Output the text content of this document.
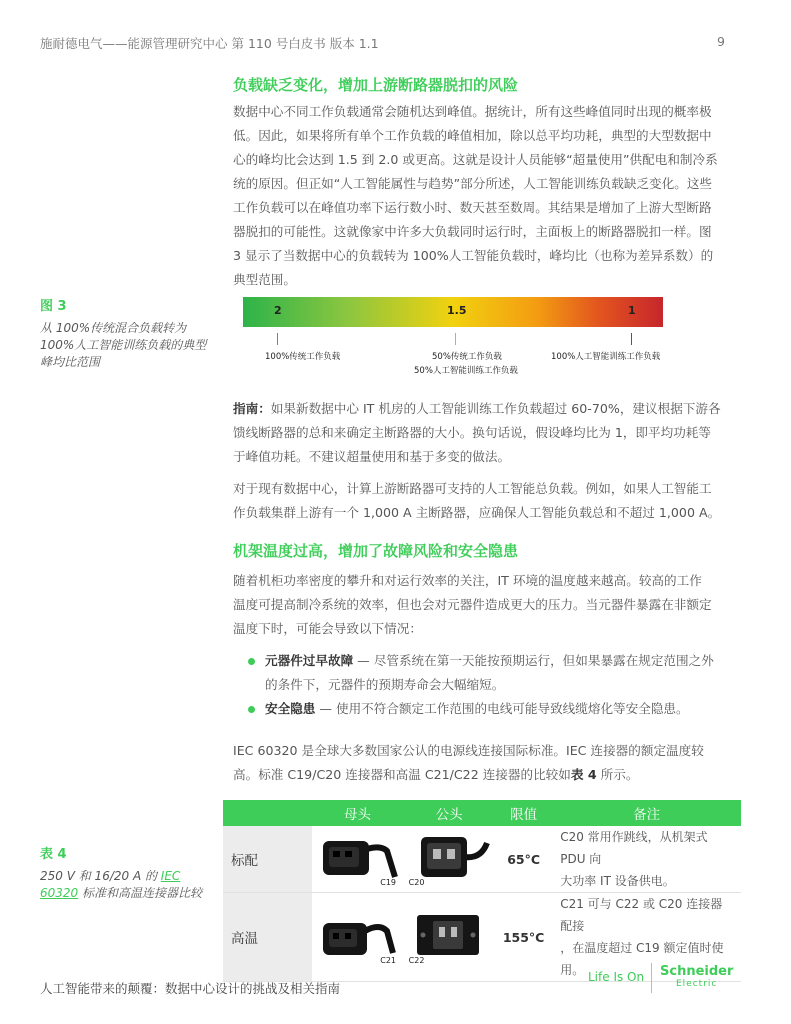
施耐德电气——能源管理研究中心 第 110 号白皮书 版本 1.1	9
负载缺乏变化，增加上游断路器脱扣的风险
数据中心不同工作负载通常会随机达到峰值。据统计，所有这些峰值同时出现的概率极
低。因此，如果将所有单个工作负载的峰值相加，除以总平均功耗，典型的大型数据中
心的峰均比会达到 1.5 到 2.0 或更高。这就是设计人员能够“超量使用”供配电和制冷系
统的原因。但正如“人工智能属性与趋势”部分所述，人工智能训练负载缺乏变化。这些
工作负载可以在峰值功率下运行数小时、数天甚至数周。其结果是增加了上游大型断路
器脱扣的可能性。这就像家中许多大负载同时运行时，主面板上的断路器脱扣一样。图
3 显示了当数据中心的负载转为 100%人工智能负载时，峰均比（也称为差异系数）的
典型范围。
图 3
从 100%传统混合负载转为 100%人工智能训练负载的典型峰均比范围
2	1.5	1
100%传统工作负载	50%传统工作负载
50%人工智能训练工作负载
100%人工智能训练工作负载
指南：如果新数据中心 IT 机房的人工智能训练工作负载超过 60-70%，建议根据下游各
馈线断路器的总和来确定主断路器的大小。换句话说，假设峰均比为 1，即平均功耗等
于峰值功耗。不建议超量使用和基于多变的做法。
对于现有数据中心，计算上游断路器可支持的人工智能总负载。例如，如果人工智能工
作负载集群上游有一个 1,000 A 主断路器，应确保人工智能负载总和不超过 1,000 A。
机架温度过高，增加了故障风险和安全隐患
随着机柜功率密度的攀升和对运行效率的关注，IT 环境的温度越来越高。较高的工作
温度可提高制冷系统的效率，但也会对元器件造成更大的压力。当元器件暴露在非额定
温度下时，可能会导致以下情况：
元器件过早故障 — 尽管系统在第一天能按预期运行，但如果暴露在规定范围之外
的条件下，元器件的预期寿命会大幅缩短。
安全隐患 — 使用不符合额定工作范围的电线可能导致线缆熔化等安全隐患。
IEC 60320 是全球大多数国家公认的电源线连接国际标准。IEC 连接器的额定温度较
高。标准 C19/C20 连接器和高温 C21/C22 连接器的比较如表 4 所示。
表 4
250 V 和 16/20 A 的 IEC 60320 标准和高温连接器比较
	母头	公头	限值	备注
标配	C19	C20	65°C	C20 常用作跳线，从机架式 PDU 向
大功率 IT 设备供电。

高温	C21	C22	155°C	C21 可与 C22 或 C20 连接器配接
，在温度超过 C19 额定值时使用。
人工智能带来的颠覆：数据中心设计的挑战及相关指南
Life Is On Schneider
Electric
